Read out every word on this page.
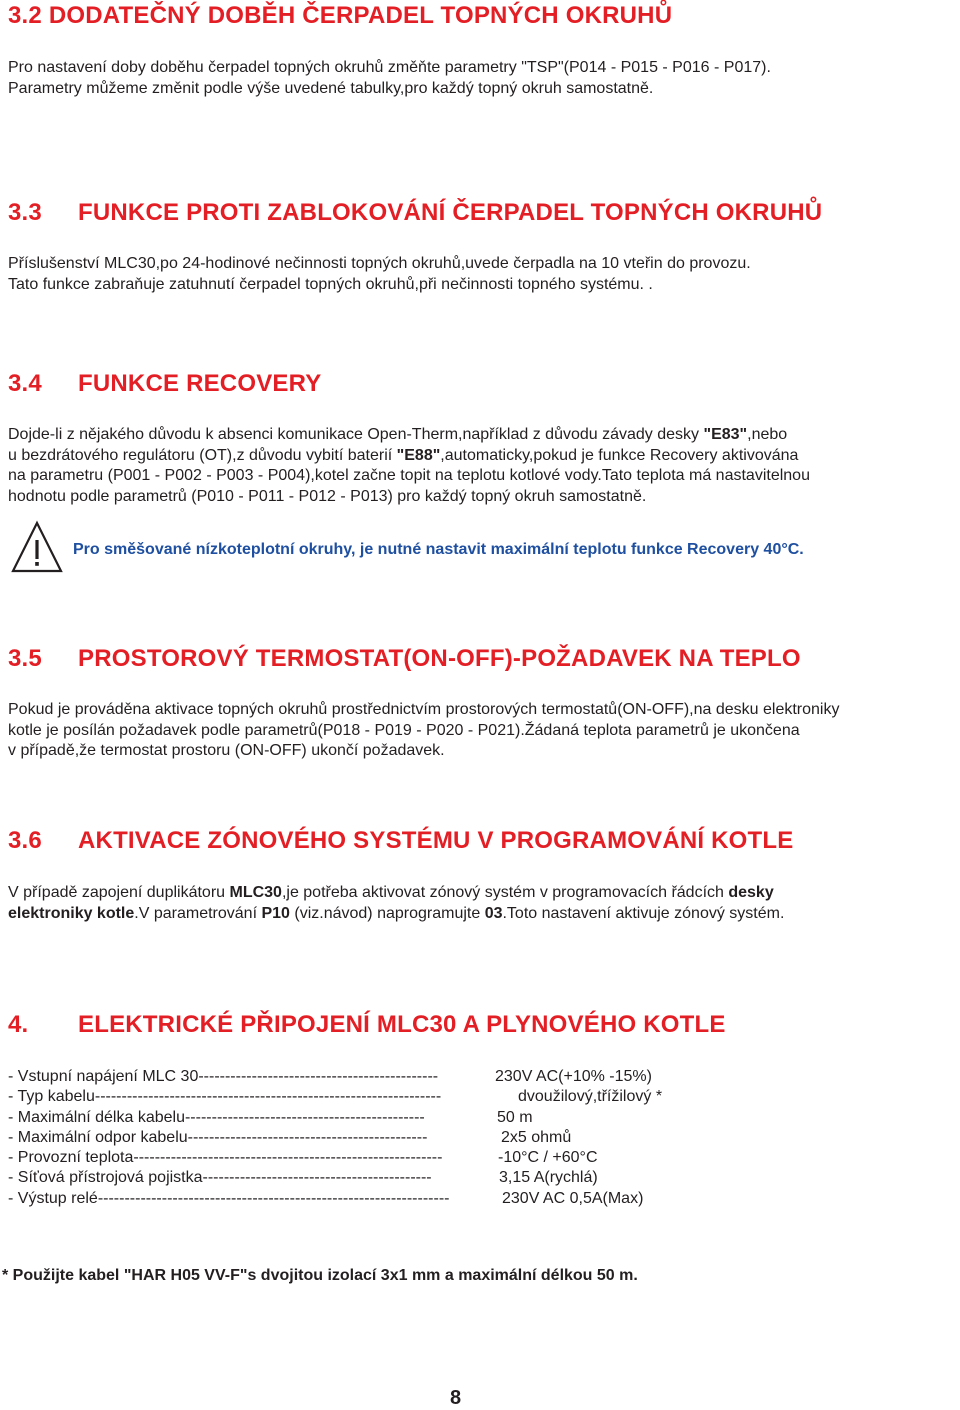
3.2 DODATEČNÝ DOBĚH ČERPADEL TOPNÝCH OKRUHŮ
Pro nastavení doby doběhu čerpadel topných okruhů změňte parametry "TSP"(P014 - P015 - P016 - P017).
Parametry můžeme změnit podle výše uvedené tabulky,pro každý topný okruh samostatně.
3.3 FUNKCE PROTI ZABLOKOVÁNÍ ČERPADEL TOPNÝCH OKRUHŮ
Příslušenství MLC30,po 24-hodinové nečinnosti topných okruhů,uvede čerpadla na 10 vteřin do provozu.
Tato funkce zabraňuje zatuhnutí čerpadel topných okruhů,při nečinnosti topného systému. .
3.4 FUNKCE RECOVERY
Dojde-li z nějakého důvodu k absenci komunikace Open-Therm,například z důvodu závady desky "E83",nebo
u bezdrátového regulátoru (OT),z důvodu vybití baterií "E88",automaticky,pokud je funkce Recovery aktivována
na parametru (P001 - P002 - P003 - P004),kotel začne topit na teplotu kotlové vody.Tato teplota má nastavitelnou
hodnotu podle parametrů (P010 - P011 - P012 - P013) pro každý topný okruh samostatně.
Pro směšované nízkoteplotní okruhy, je nutné nastavit maximální teplotu funkce Recovery 40°C.
3.5 PROSTOROVÝ TERMOSTAT(ON-OFF)-POŽADAVEK NA TEPLO
Pokud je prováděna aktivace topných okruhů prostřednictvím prostorových termostatů(ON-OFF),na desku elektroniky
kotle je posílán požadavek podle parametrů(P018 - P019 - P020 - P021).Žádaná teplota parametrů je ukončena
v případě,že termostat prostoru (ON-OFF) ukončí požadavek.
3.6 AKTIVACE ZÓNOVÉHO SYSTÉMU V PROGRAMOVÁNÍ KOTLE
V případě zapojení duplikátoru MLC30,je potřeba aktivovat zónový systém v programovacích řádcích desky
elektroniky kotle.V parametrování P10 (viz.návod) naprogramujte 03.Toto nastavení aktivuje zónový systém.
4. ELEKTRICKÉ PŘIPOJENÍ MLC30 A PLYNOVÉHO KOTLE
- Vstupní napájení MLC 30---------------------------------------------	230V AC(+10% -15%)
- Typ kabelu-----------------------------------------------------------------	dvoužilový,třížilový *
- Maximální délka kabelu---------------------------------------------	50 m
- Maximální odpor kabelu---------------------------------------------	2x5 ohmů
- Provozní teplota----------------------------------------------------------	-10°C / +60°C
- Síťová přístrojová pojistka-------------------------------------------	3,15 A(rychlá)
- Výstup relé------------------------------------------------------------------	230V AC 0,5A(Max)
* Použijte kabel "HAR H05 VV-F"s dvojitou izolací 3x1 mm a maximální délkou 50 m.
8
